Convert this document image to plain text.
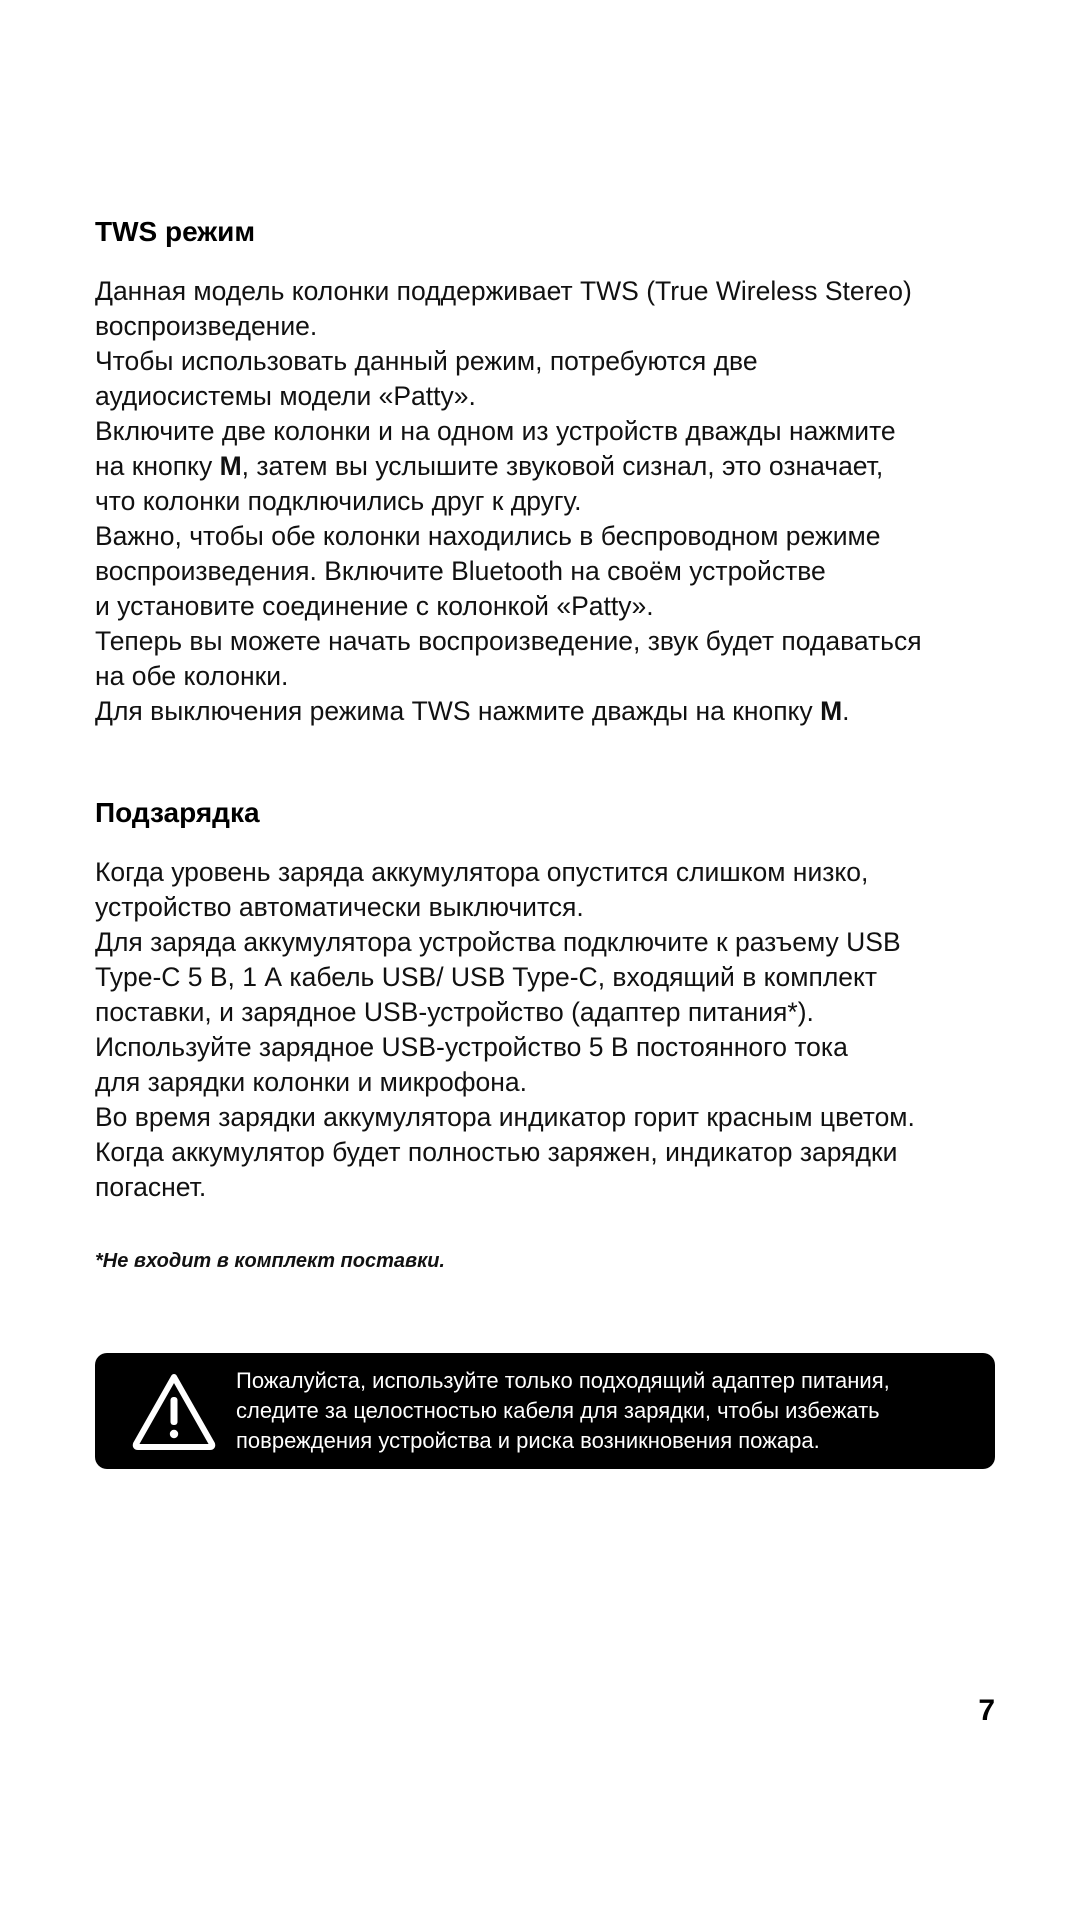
TWS режим

Данная модель колонки поддерживает TWS (True Wireless Stereo)

воспроизведение.

Чтобы использовать данный режим, потребуются две

аудиосистемы модели «Patty».

Включите две колонки и на одном из устройств дважды нажмите

на кнопку М, затем вы услышите звуковой сизнал, это означает,

что колонки подключились друг к другу.

Важно, чтобы обе колонки находились в беспроводном режиме

воспроизведения. Включите Bluetooth на своём устройстве

и установите соединение с колонкой «Patty».

Теперь вы можете начать воспроизведение, звук будет подаваться

на обе колонки.

Для выключения режима TWS нажмите дважды на кнопку М.

Подзарядка

Когда уровень заряда аккумулятора опустится слишком низко,

устройство автоматически выключится.

Для заряда аккумулятора устройства подключите к разъему USB

Type-C 5 В, 1 А кабель USB/ USB Type-C, входящий в комплект

поставки, и зарядное USB-устройство (адаптер питания*).

Используйте зарядное USB-устройство 5 В постоянного тока

для зарядки колонки и микрофона.

Во время зарядки аккумулятора индикатор горит красным цветом.

Когда аккумулятор будет полностью заряжен, индикатор зарядки

погаснет.

*Не входит в комплект поставки.

Пожалуйста, используйте только подходящий адаптер питания,

следите за целостностью кабеля для зарядки, чтобы избежать

повреждения устройства и риска возникновения пожара.

7
